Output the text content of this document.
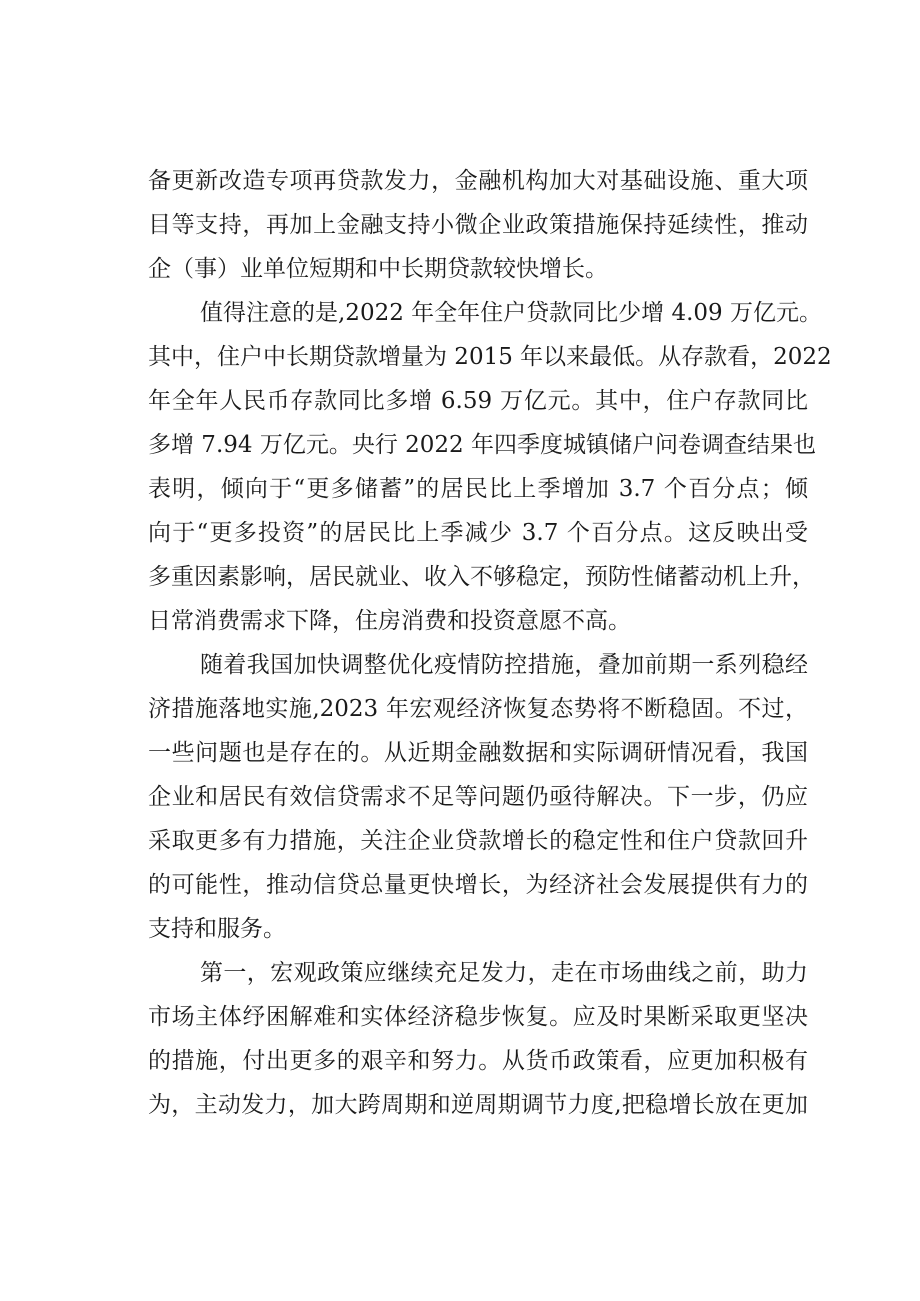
备更新改造专项再贷款发力，金融机构加大对基础设施、重大项

目等支持，再加上金融支持小微企业政策措施保持延续性，推动

企（事）业单位短期和中长期贷款较快增长。

值得注意的是,2022 年全年住户贷款同比少增 4.09 万亿元。

其中，住户中长期贷款增量为 2015 年以来最低。从存款看，2022

年全年人民币存款同比多增 6.59 万亿元。其中，住户存款同比

多增 7.94 万亿元。央行 2022 年四季度城镇储户问卷调查结果也

表明，倾向于“更多储蓄”的居民比上季增加 3.7 个百分点；倾

向于“更多投资”的居民比上季减少 3.7 个百分点。这反映出受

多重因素影响，居民就业、收入不够稳定，预防性储蓄动机上升，

日常消费需求下降，住房消费和投资意愿不高。

随着我国加快调整优化疫情防控措施，叠加前期一系列稳经

济措施落地实施,2023 年宏观经济恢复态势将不断稳固。不过，

一些问题也是存在的。从近期金融数据和实际调研情况看，我国

企业和居民有效信贷需求不足等问题仍亟待解决。下一步，仍应

采取更多有力措施，关注企业贷款增长的稳定性和住户贷款回升

的可能性，推动信贷总量更快增长，为经济社会发展提供有力的

支持和服务。

第一，宏观政策应继续充足发力，走在市场曲线之前，助力

市场主体纾困解难和实体经济稳步恢复。应及时果断采取更坚决

的措施，付出更多的艰辛和努力。从货币政策看，应更加积极有

为，主动发力，加大跨周期和逆周期调节力度,把稳增长放在更加
